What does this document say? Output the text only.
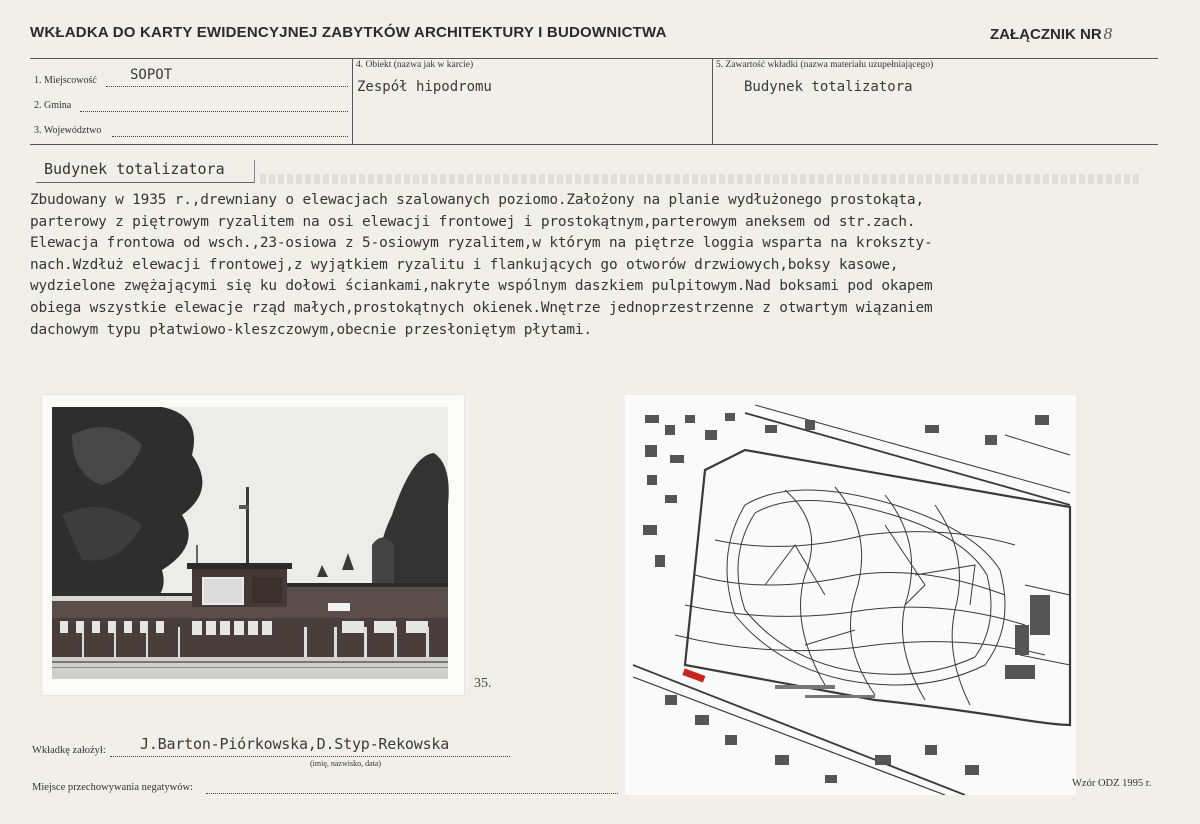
WKŁADKA DO KARTY EWIDENCYJNEJ ZABYTKÓW ARCHITEKTURY I BUDOWNICTWA	ZAŁĄCZNIK NR 8
1. Miejscowość SOPOT
2. Gmina
3. Województwo
4. Obiekt (nazwa jak w karcie)
Zespół hipodromu
5. Zawartość wkładki (nazwa materiału uzupełniającego)
Budynek totalizatora
Budynek totalizatora
Zbudowany w 1935 r.,drewniany o elewacjach szalowanych poziomo.Założony na planie wydłużonego prostokąta,
parterowy z piętrowym ryzalitem na osi elewacji frontowej i prostokątnym,parterowym aneksem od str.zach.
Elewacja frontowa od wsch.,23-osiowa z 5-osiowym ryzalitem,w którym na piętrze loggia wsparta na krokszty-
nach.Wzdłuż elewacji frontowej,z wyjątkiem ryzalitu i flankujących go otworów drzwiowych,boksy kasowe,
wydzielone zwężającymi się ku dołowi ściankami,nakryte wspólnym daszkiem pulpitowym.Nad boksami pod okapem
obiega wszystkie elewacje rząd małych,prostokątnych okienek.Wnętrze jednoprzestrzenne z otwartym wiązaniem
dachowym typu płatwiowo-kleszczowym,obecnie przesłoniętym płytami.
35.
Wkładkę założył: J.Barton-Piórkowska,D.Styp-Rekowska
(imię, nazwisko, data)
Miejsce przechowywania negatywów:	Wzór ODZ 1995 r.
